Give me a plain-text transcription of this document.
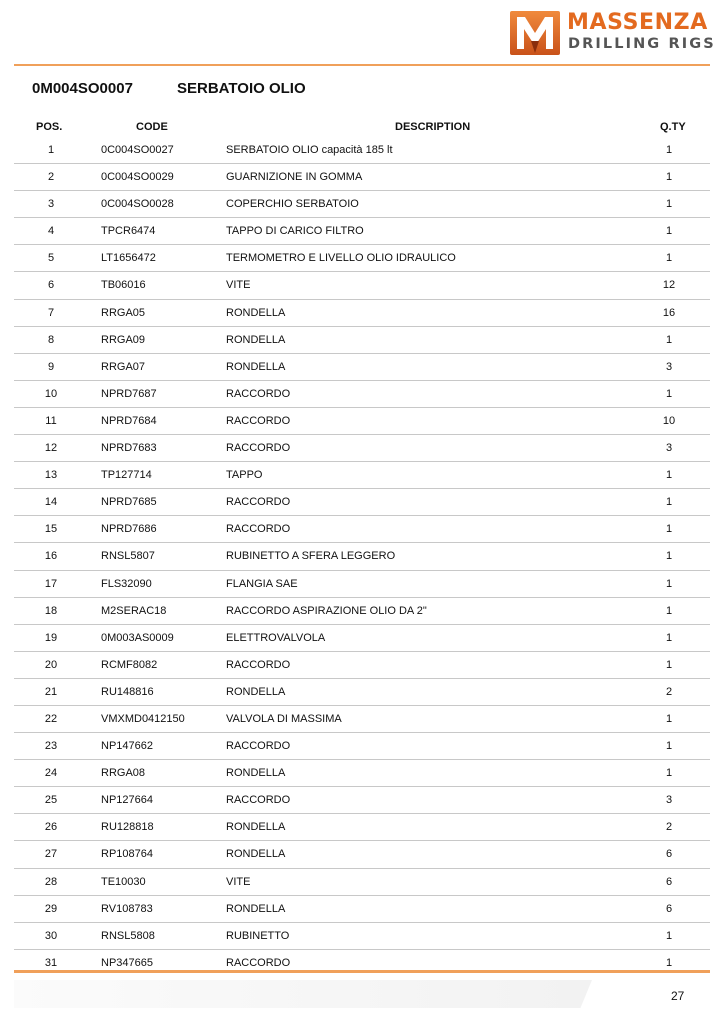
MASSENZA
DRILLING RIGS
0M004SO0007	SERBATOIO OLIO
POS.	CODE	DESCRIPTION	Q.TY
1	0C004SO0027	SERBATOIO OLIO capacità 185 lt	1
2	0C004SO0029	GUARNIZIONE IN GOMMA	1
3	0C004SO0028	COPERCHIO SERBATOIO	1
4	TPCR6474	TAPPO DI CARICO FILTRO	1
5	LT1656472	TERMOMETRO E LIVELLO OLIO IDRAULICO	1
6	TB06016	VITE	12
7	RRGA05	RONDELLA	16
8	RRGA09	RONDELLA	1
9	RRGA07	RONDELLA	3
10	NPRD7687	RACCORDO	1
11	NPRD7684	RACCORDO	10
12	NPRD7683	RACCORDO	3
13	TP127714	TAPPO	1
14	NPRD7685	RACCORDO	1
15	NPRD7686	RACCORDO	1
16	RNSL5807	RUBINETTO A SFERA LEGGERO	1
17	FLS32090	FLANGIA SAE	1
18	M2SERAC18	RACCORDO ASPIRAZIONE OLIO DA 2"	1
19	0M003AS0009	ELETTROVALVOLA	1
20	RCMF8082	RACCORDO	1
21	RU148816	RONDELLA	2
22	VMXMD0412150	VALVOLA DI MASSIMA	1
23	NP147662	RACCORDO	1
24	RRGA08	RONDELLA	1
25	NP127664	RACCORDO	3
26	RU128818	RONDELLA	2
27	RP108764	RONDELLA	6
28	TE10030	VITE	6
29	RV108783	RONDELLA	6
30	RNSL5808	RUBINETTO	1
31	NP347665	RACCORDO	1
27
